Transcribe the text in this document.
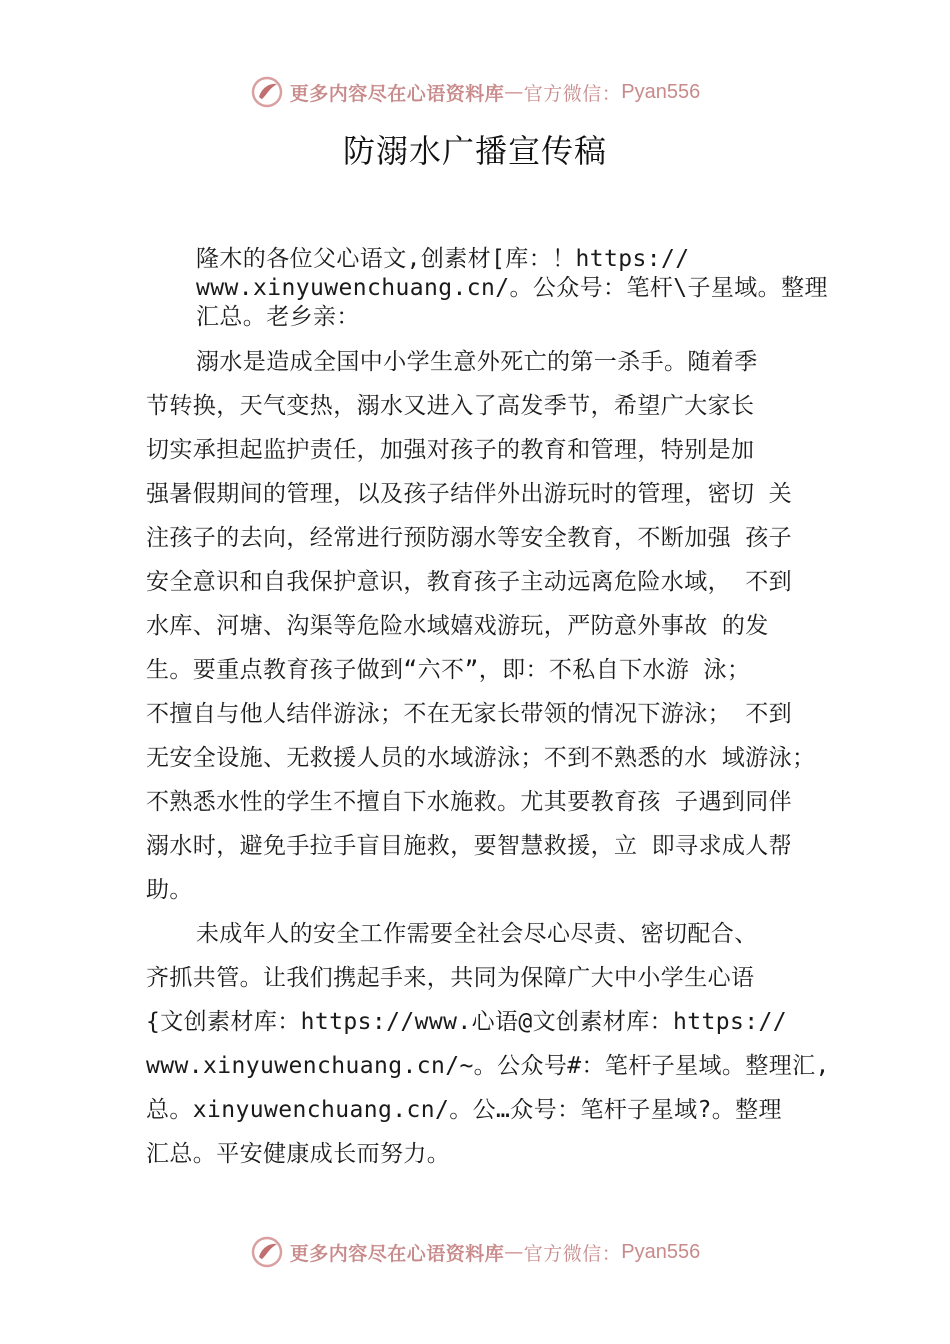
更多内容尽在心语资料库 — 官方微信： Pyan556
防溺水广播宣传稿
隆木的各位父心语文,创素材[库：！https://
www.xinyuwenchuang.cn/。公众号：笔杆\子星域。整理
汇总。老乡亲：
溺水是造成全国中小学生意外死亡的第一杀手。随着季
节转换，天气变热，溺水又进入了高发季节，希望广大家长
切实承担起监护责任，加强对孩子的教育和管理，特别是加
强暑假期间的管理，以及孩子结伴外出游玩时的管理，密切 关
注孩子的去向，经常进行预防溺水等安全教育，不断加强 孩子
安全意识和自我保护意识，教育孩子主动远离危险水域， 不到
水库、河塘、沟渠等危险水域嬉戏游玩，严防意外事故 的发
生。要重点教育孩子做到“六不”，即：不私自下水游 泳；
不擅自与他人结伴游泳；不在无家长带领的情况下游泳； 不到
无安全设施、无救援人员的水域游泳；不到不熟悉的水 域游泳；
不熟悉水性的学生不擅自下水施救。尤其要教育孩 子遇到同伴
溺水时，避免手拉手盲目施救，要智慧救援，立 即寻求成人帮
助。
未成年人的安全工作需要全社会尽心尽责、密切配合、
齐抓共管。让我们携起手来，共同为保障广大中小学生心语
{文创素材库：https://www.心语@文创素材库：https://
www.xinyuwenchuang.cn/~。公众号#：笔杆子星域。整理汇,
总。xinyuwenchuang.cn/。公…众号：笔杆子星域?。整理
汇总。平安健康成长而努力。
更多内容尽在心语资料库 — 官方微信： Pyan556
